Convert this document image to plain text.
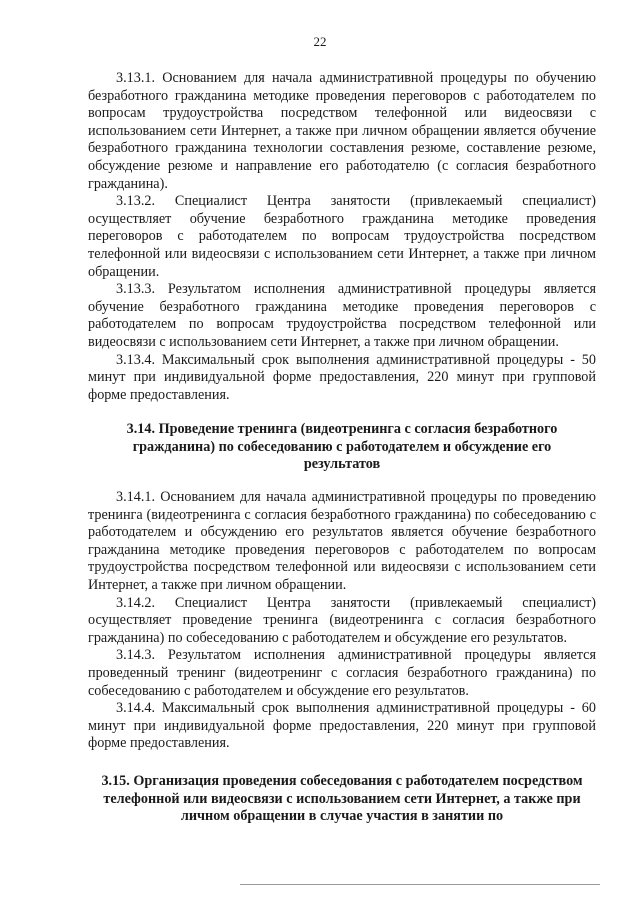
22

3.13.1. Основанием для начала административной процедуры по обучению безработного гражданина методике проведения переговоров с работодателем по вопросам трудоустройства посредством телефонной или видеосвязи с использованием сети Интернет, а также при личном обращении является обучение безработного гражданина технологии составления резюме, составление резюме, обсуждение резюме и направление его работодателю (с согласия безработного гражданина).

3.13.2. Специалист Центра занятости (привлекаемый специалист) осуществляет обучение безработного гражданина методике проведения переговоров с работодателем по вопросам трудоустройства посредством телефонной или видеосвязи с использованием сети Интернет, а также при личном обращении.

3.13.3. Результатом исполнения административной процедуры является обучение безработного гражданина методике проведения переговоров с работодателем по вопросам трудоустройства посредством телефонной или видеосвязи с использованием сети Интернет, а также при личном обращении.

3.13.4. Максимальный срок выполнения административной процедуры - 50 минут при индивидуальной форме предоставления, 220 минут при групповой форме предоставления.

3.14. Проведение тренинга (видеотренинга с согласия безработного гражданина) по собеседованию с работодателем и обсуждение его результатов

3.14.1. Основанием для начала административной процедуры по проведению тренинга (видеотренинга с согласия безработного гражданина) по собеседованию с работодателем и обсуждению его результатов является обучение безработного гражданина методике проведения переговоров с работодателем по вопросам трудоустройства посредством телефонной или видеосвязи с использованием сети Интернет, а также при личном обращении.

3.14.2. Специалист Центра занятости (привлекаемый специалист) осуществляет проведение тренинга (видеотренинга с согласия безработного гражданина) по собеседованию с работодателем и обсуждение его результатов.

3.14.3. Результатом исполнения административной процедуры является проведенный тренинг (видеотренинг с согласия безработного гражданина) по собеседованию с работодателем и обсуждение его результатов.

3.14.4. Максимальный срок выполнения административной процедуры - 60 минут при индивидуальной форме предоставления, 220 минут при групповой форме предоставления.

3.15. Организация проведения собеседования с работодателем посредством телефонной или видеосвязи с использованием сети Интернет, а также при личном обращении в случае участия в занятии по
